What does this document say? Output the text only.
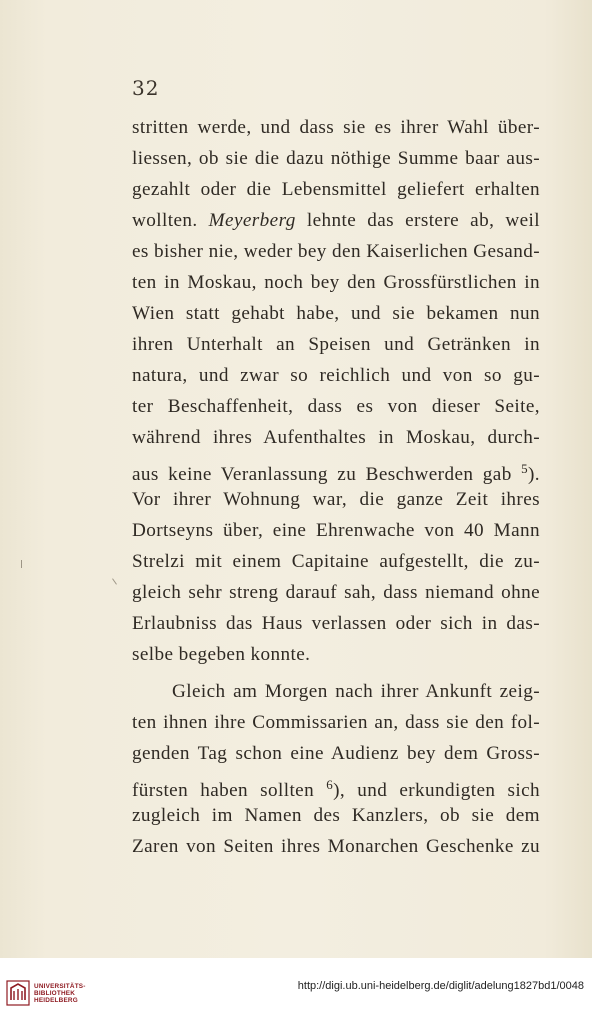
32
stritten werde, und dass sie es ihrer Wahl über-
liessen, ob sie die dazu nöthige Summe baar aus-
gezahlt oder die Lebensmittel geliefert erhalten
wollten. Meyerberg lehnte das erstere ab, weil
es bisher nie, weder bey den Kaiserlichen Gesand-
ten in Moskau, noch bey den Grossfürstlichen in
Wien statt gehabt habe, und sie bekamen nun
ihren Unterhalt an Speisen und Getränken in
natura, und zwar so reichlich und von so gu-
ter Beschaffenheit, dass es von dieser Seite,
während ihres Aufenthaltes in Moskau, durch-
aus keine Veranlassung zu Beschwerden gab $^5$).
Vor ihrer Wohnung war, die ganze Zeit ihres
Dortseyns über, eine Ehrenwache von 40 Mann
Strelzi mit einem Capitaine aufgestellt, die zu-
gleich sehr streng darauf sah, dass niemand ohne
Erlaubniss das Haus verlassen oder sich in das-
selbe begeben konnte.
Gleich am Morgen nach ihrer Ankunft zeig-
ten ihnen ihre Commissarien an, dass sie den fol-
genden Tag schon eine Audienz bey dem Gross-
fürsten haben sollten $^6$), und erkundigten sich
zugleich im Namen des Kanzlers, ob sie dem
Zaren von Seiten ihres Monarchen Geschenke zu
UNIVERSITÄTS-
BIBLIOTHEK
HEIDELBERG
http://digi.ub.uni-heidelberg.de/diglit/adelung1827bd1/0048
